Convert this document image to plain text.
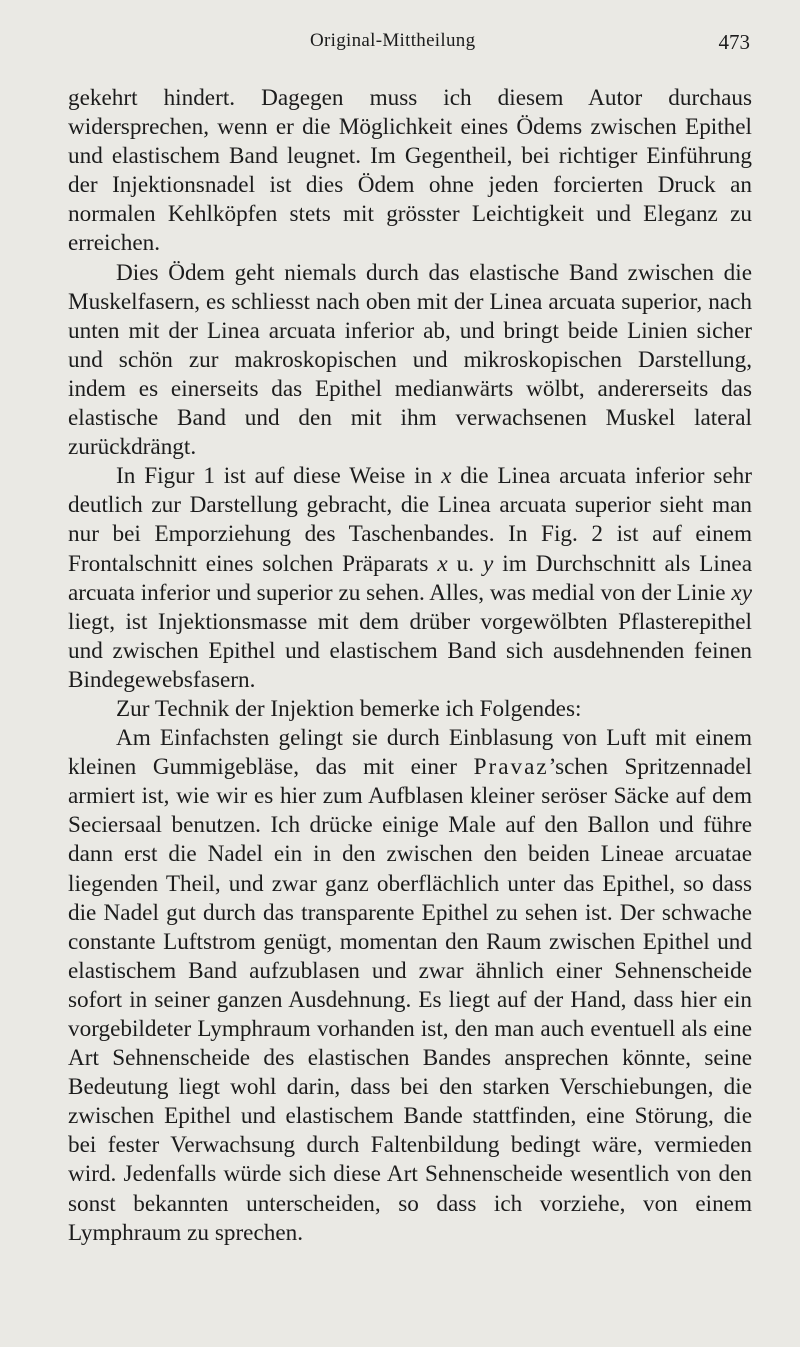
Original-Mittheilung	473

gekehrt hindert. Dagegen muss ich diesem Autor durchaus widersprechen, wenn er die Möglichkeit eines Ödems zwischen Epithel und elastischem Band leugnet. Im Gegentheil, bei richtiger Einführung der Injektionsnadel ist dies Ödem ohne jeden forcierten Druck an normalen Kehlköpfen stets mit grösster Leichtigkeit und Eleganz zu erreichen.

Dies Ödem geht niemals durch das elastische Band zwischen die Muskelfasern, es schliesst nach oben mit der Linea arcuata superior, nach unten mit der Linea arcuata inferior ab, und bringt beide Linien sicher und schön zur makroskopischen und mikroskopischen Darstellung, indem es einerseits das Epithel medianwärts wölbt, andererseits das elastische Band und den mit ihm verwachsenen Muskel lateral zurückdrängt.

In Figur 1 ist auf diese Weise in x die Linea arcuata inferior sehr deutlich zur Darstellung gebracht, die Linea arcuata superior sieht man nur bei Emporziehung des Taschenbandes. In Fig. 2 ist auf einem Frontalschnitt eines solchen Präparats x u. y im Durchschnitt als Linea arcuata inferior und superior zu sehen. Alles, was medial von der Linie xy liegt, ist Injektionsmasse mit dem drüber vorgewölbten Pflasterepithel und zwischen Epithel und elastischem Band sich ausdehnenden feinen Bindegewebsfasern.

Zur Technik der Injektion bemerke ich Folgendes:

Am Einfachsten gelingt sie durch Einblasung von Luft mit einem kleinen Gummigebläse, das mit einer Pravaz’schen Spritzennadel armiert ist, wie wir es hier zum Aufblasen kleiner seröser Säcke auf dem Seciersaal benutzen. Ich drücke einige Male auf den Ballon und führe dann erst die Nadel ein in den zwischen den beiden Lineae arcuatae liegenden Theil, und zwar ganz oberflächlich unter das Epithel, so dass die Nadel gut durch das transparente Epithel zu sehen ist. Der schwache constante Luftstrom genügt, momentan den Raum zwischen Epithel und elastischem Band aufzublasen und zwar ähnlich einer Sehnenscheide sofort in seiner ganzen Ausdehnung. Es liegt auf der Hand, dass hier ein vorgebildeter Lymphraum vorhanden ist, den man auch eventuell als eine Art Sehnenscheide des elastischen Bandes ansprechen könnte, seine Bedeutung liegt wohl darin, dass bei den starken Verschiebungen, die zwischen Epithel und elastischem Bande stattfinden, eine Störung, die bei fester Verwachsung durch Faltenbildung bedingt wäre, vermieden wird. Jedenfalls würde sich diese Art Sehnenscheide wesentlich von den sonst bekannten unterscheiden, so dass ich vorziehe, von einem Lymphraum zu sprechen.
